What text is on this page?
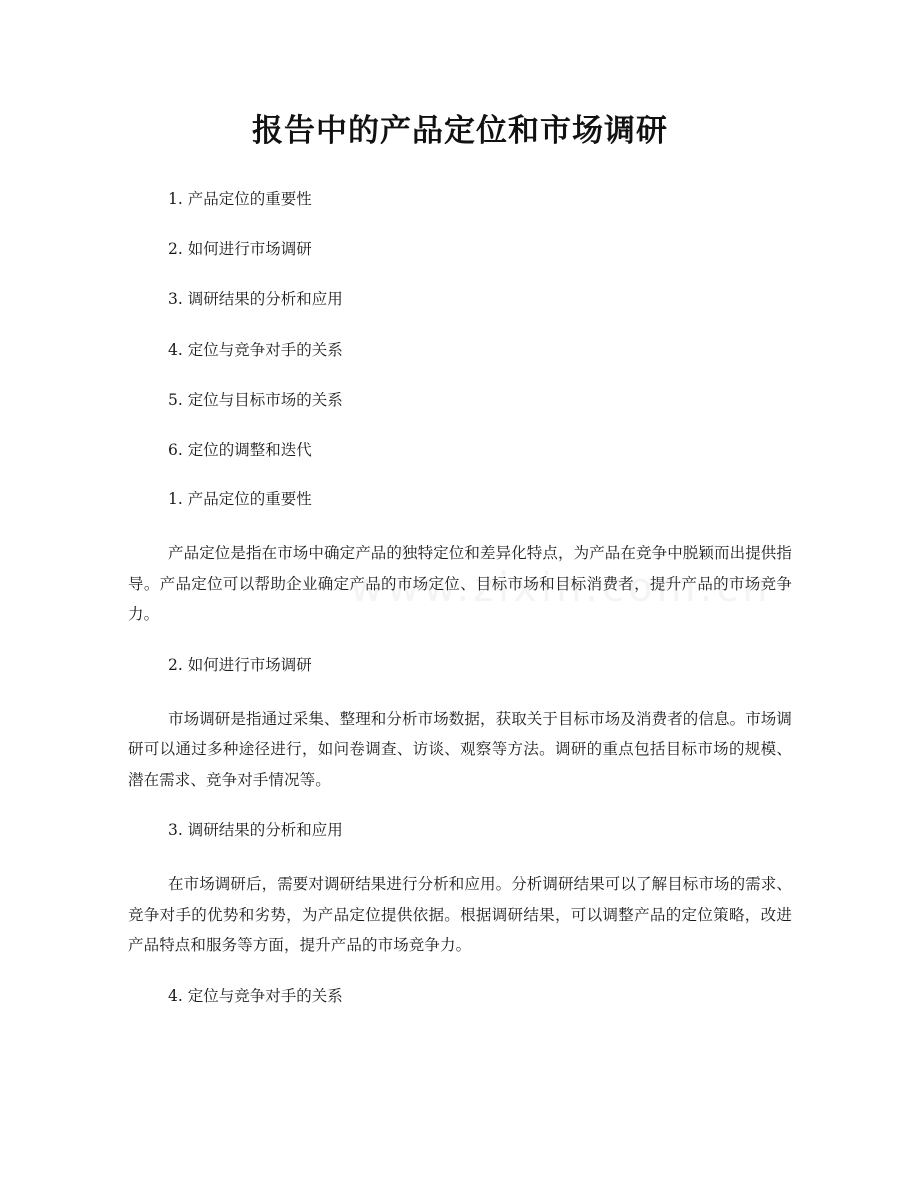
报告中的产品定位和市场调研
1. 产品定位的重要性
2. 如何进行市场调研
3. 调研结果的分析和应用
4. 定位与竞争对手的关系
5. 定位与目标市场的关系
6. 定位的调整和迭代

1. 产品定位的重要性

产品定位是指在市场中确定产品的独特定位和差异化特点，为产品在竞争中脱颖而出提供指导。产品定位可以帮助企业确定产品的市场定位、目标市场和目标消费者，提升产品的市场竞争力。

2. 如何进行市场调研

市场调研是指通过采集、整理和分析市场数据，获取关于目标市场及消费者的信息。市场调研可以通过多种途径进行，如问卷调查、访谈、观察等方法。调研的重点包括目标市场的规模、潜在需求、竞争对手情况等。

3. 调研结果的分析和应用

在市场调研后，需要对调研结果进行分析和应用。分析调研结果可以了解目标市场的需求、竞争对手的优势和劣势，为产品定位提供依据。根据调研结果，可以调整产品的定位策略，改进产品特点和服务等方面，提升产品的市场竞争力。

4. 定位与竞争对手的关系
